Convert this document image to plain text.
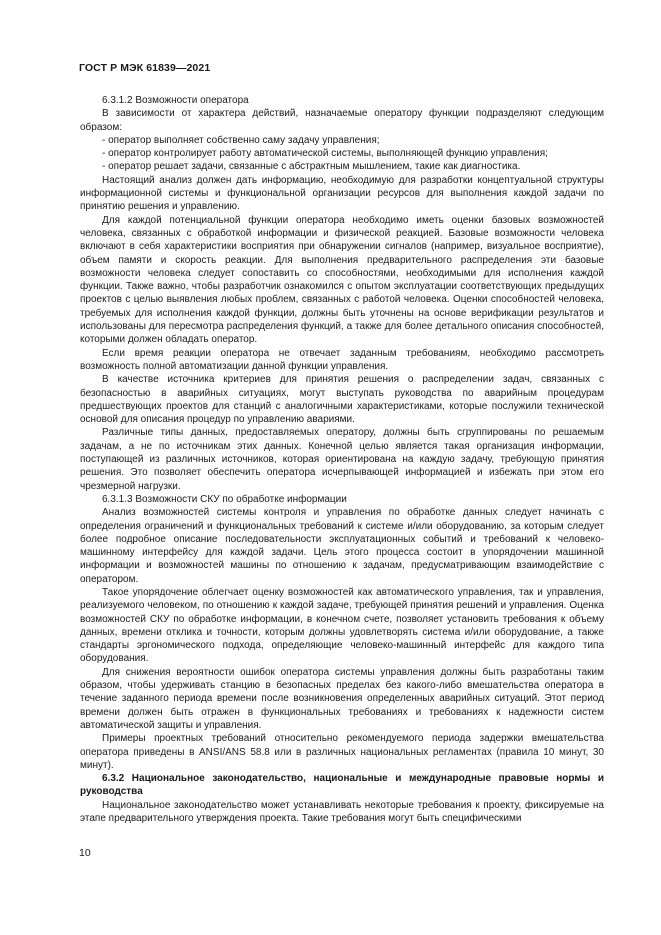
ГОСТ Р МЭК 61839—2021

6.3.1.2 Возможности оператора

В зависимости от характера действий, назначаемые оператору функции подразделяют следующим образом:

- оператор выполняет собственно саму задачу управления;
- оператор контролирует работу автоматической системы, выполняющей функцию управления;
- оператор решает задачи, связанные с абстрактным мышлением, такие как диагностика.

Настоящий анализ должен дать информацию, необходимую для разработки концептуальной структуры информационной системы и функциональной организации ресурсов для выполнения каждой задачи по принятию решения и управлению.

Для каждой потенциальной функции оператора необходимо иметь оценки базовых возможностей человека, связанных с обработкой информации и физической реакцией. Базовые возможности человека включают в себя характеристики восприятия при обнаружении сигналов (например, визуальное восприятие), объем памяти и скорость реакции. Для выполнения предварительного распределения эти базовые возможности человека следует сопоставить со способностями, необходимыми для исполнения каждой функции. Также важно, чтобы разработчик ознакомился с опытом эксплуатации соответствующих предыдущих проектов с целью выявления любых проблем, связанных с работой человека. Оценки способностей человека, требуемых для исполнения каждой функции, должны быть уточнены на основе верификации результатов и использованы для пересмотра распределения функций, а также для более детального описания способностей, которыми должен обладать оператор.

Если время реакции оператора не отвечает заданным требованиям, необходимо рассмотреть возможность полной автоматизации данной функции управления.

В качестве источника критериев для принятия решения о распределении задач, связанных с безопасностью в аварийных ситуациях, могут выступать руководства по аварийным процедурам предшествующих проектов для станций с аналогичными характеристиками, которые послужили технической основой для описания процедур по управлению авариями.

Различные типы данных, предоставляемых оператору, должны быть сгруппированы по решаемым задачам, а не по источникам этих данных. Конечной целью является такая организация информации, поступающей из различных источников, которая ориентирована на каждую задачу, требующую принятия решения. Это позволяет обеспечить оператора исчерпывающей информацией и избежать при этом его чрезмерной нагрузки.

6.3.1.3 Возможности СКУ по обработке информации

Анализ возможностей системы контроля и управления по обработке данных следует начинать с определения ограничений и функциональных требований к системе и/или оборудованию, за которым следует более подробное описание последовательности эксплуатационных событий и требований к человеко-машинному интерфейсу для каждой задачи. Цель этого процесса состоит в упорядочении машинной информации и возможностей машины по отношению к задачам, предусматривающим взаимодействие с оператором.

Такое упорядочение облегчает оценку возможностей как автоматического управления, так и управления, реализуемого человеком, по отношению к каждой задаче, требующей принятия решений и управления. Оценка возможностей СКУ по обработке информации, в конечном счете, позволяет установить требования к объему данных, времени отклика и точности, которым должны удовлетворять система и/или оборудование, а также стандарты эргономического подхода, определяющие человеко-машинный интерфейс для каждого типа оборудования.

Для снижения вероятности ошибок оператора системы управления должны быть разработаны таким образом, чтобы удерживать станцию в безопасных пределах без какого-либо вмешательства оператора в течение заданного периода времени после возникновения определенных аварийных ситуаций. Этот период времени должен быть отражен в функциональных требованиях и требованиях к надежности систем автоматической защиты и управления.

Примеры проектных требований относительно рекомендуемого периода задержки вмешательства оператора приведены в ANSI/ANS 58.8 или в различных национальных регламентах (правила 10 минут, 30 минут).

6.3.2 Национальное законодательство, национальные и международные правовые нормы и руководства

Национальное законодательство может устанавливать некоторые требования к проекту, фиксируемые на этапе предварительного утверждения проекта. Такие требования могут быть специфическими

10
